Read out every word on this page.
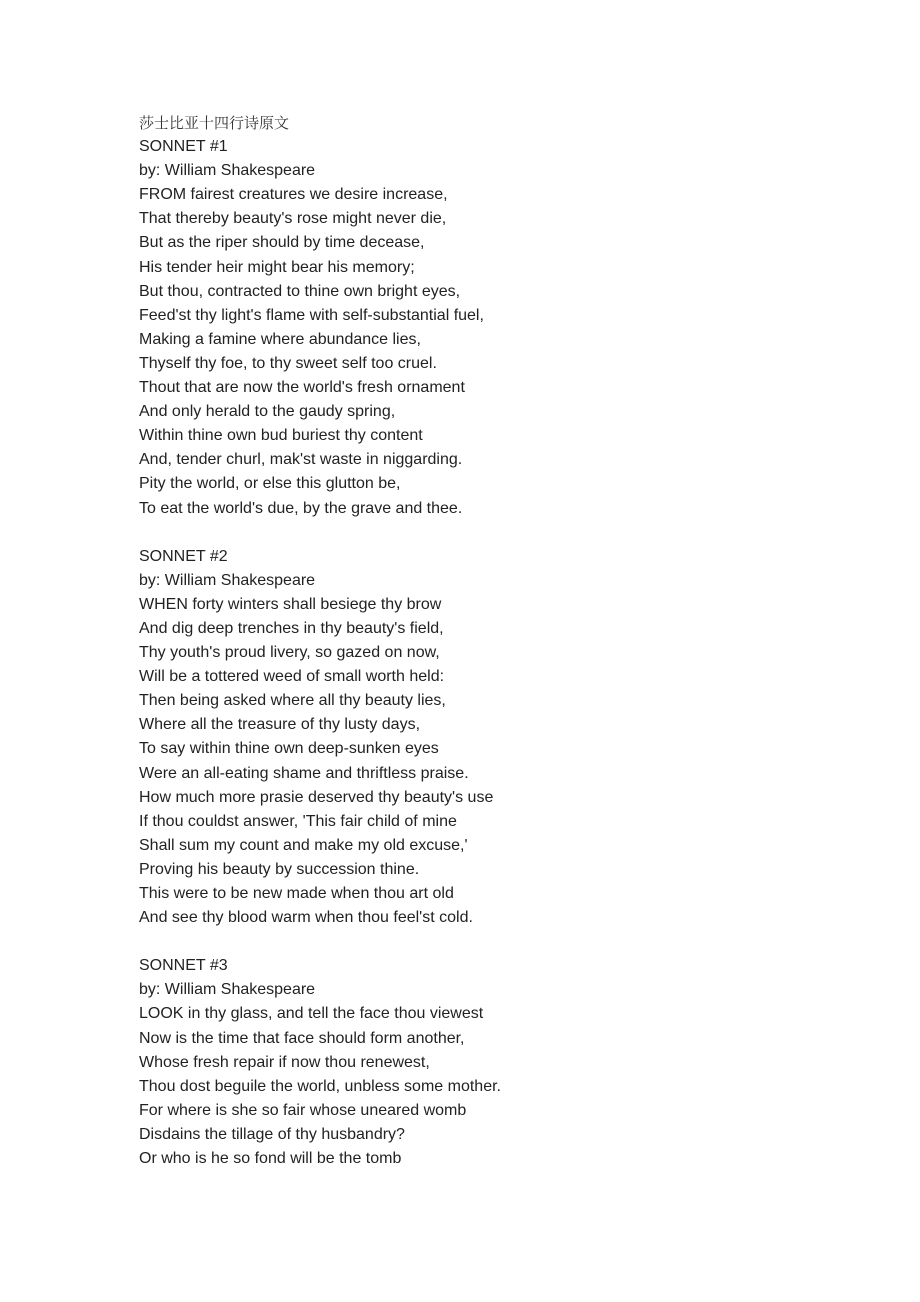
莎士比亚十四行诗原文
SONNET #1
by: William Shakespeare
FROM fairest creatures we desire increase,
That thereby beauty's rose might never die,
But as the riper should by time decease,
His tender heir might bear his memory;
But thou, contracted to thine own bright eyes,
Feed'st thy light's flame with self-substantial fuel,
Making a famine where abundance lies,
Thyself thy foe, to thy sweet self too cruel.
Thout that are now the world's fresh ornament
And only herald to the gaudy spring,
Within thine own bud buriest thy content
And, tender churl, mak'st waste in niggarding.
Pity the world, or else this glutton be,
To eat the world's due, by the grave and thee.
SONNET #2
by: William Shakespeare
WHEN forty winters shall besiege thy brow
And dig deep trenches in thy beauty's field,
Thy youth's proud livery, so gazed on now,
Will be a tottered weed of small worth held:
Then being asked where all thy beauty lies,
Where all the treasure of thy lusty days,
To say within thine own deep-sunken eyes
Were an all-eating shame and thriftless praise.
How much more prasie deserved thy beauty's use
If thou couldst answer, 'This fair child of mine
Shall sum my count and make my old excuse,'
Proving his beauty by succession thine.
This were to be new made when thou art old
And see thy blood warm when thou feel'st cold.
SONNET #3
by: William Shakespeare
LOOK in thy glass, and tell the face thou viewest
Now is the time that face should form another,
Whose fresh repair if now thou renewest,
Thou dost beguile the world, unbless some mother.
For where is she so fair whose uneared womb
Disdains the tillage of thy husbandry?
Or who is he so fond will be the tomb
